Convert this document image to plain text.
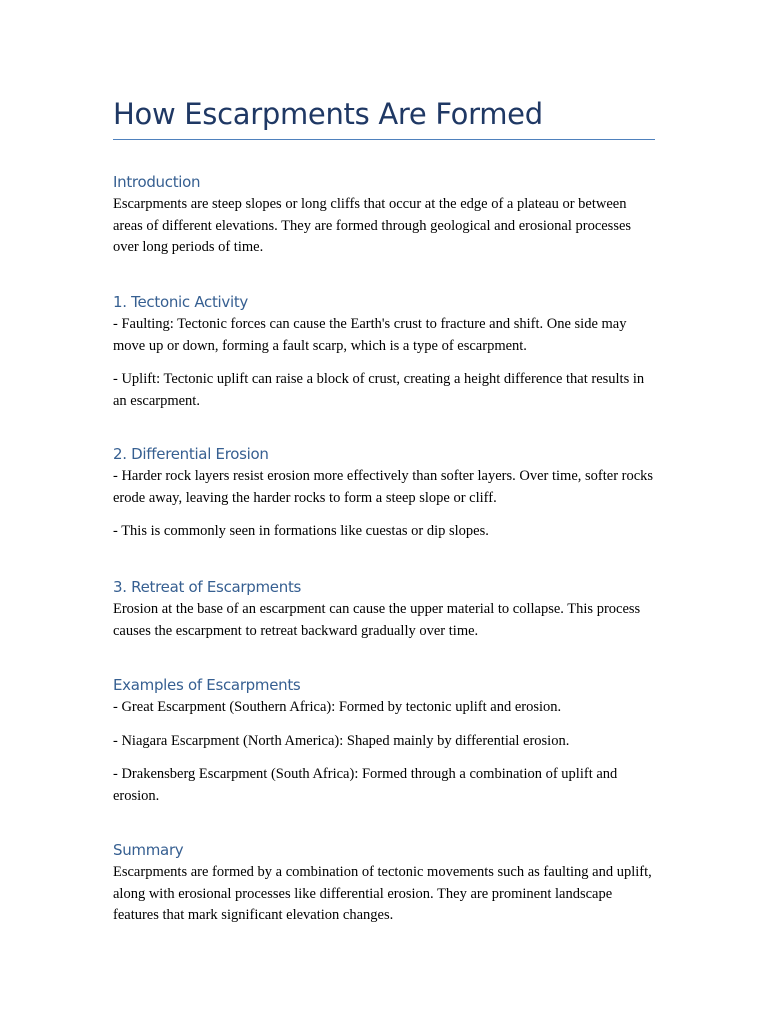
How Escarpments Are Formed
Introduction

Escarpments are steep slopes or long cliffs that occur at the edge of a plateau or between areas of different elevations. They are formed through geological and erosional processes over long periods of time.

1. Tectonic Activity

- Faulting: Tectonic forces can cause the Earth's crust to fracture and shift. One side may move up or down, forming a fault scarp, which is a type of escarpment.

- Uplift: Tectonic uplift can raise a block of crust, creating a height difference that results in an escarpment.

2. Differential Erosion

- Harder rock layers resist erosion more effectively than softer layers. Over time, softer rocks erode away, leaving the harder rocks to form a steep slope or cliff.

- This is commonly seen in formations like cuestas or dip slopes.

3. Retreat of Escarpments

Erosion at the base of an escarpment can cause the upper material to collapse. This process causes the escarpment to retreat backward gradually over time.

Examples of Escarpments

- Great Escarpment (Southern Africa): Formed by tectonic uplift and erosion.

- Niagara Escarpment (North America): Shaped mainly by differential erosion.

- Drakensberg Escarpment (South Africa): Formed through a combination of uplift and erosion.

Summary

Escarpments are formed by a combination of tectonic movements such as faulting and uplift, along with erosional processes like differential erosion. They are prominent landscape features that mark significant elevation changes.
